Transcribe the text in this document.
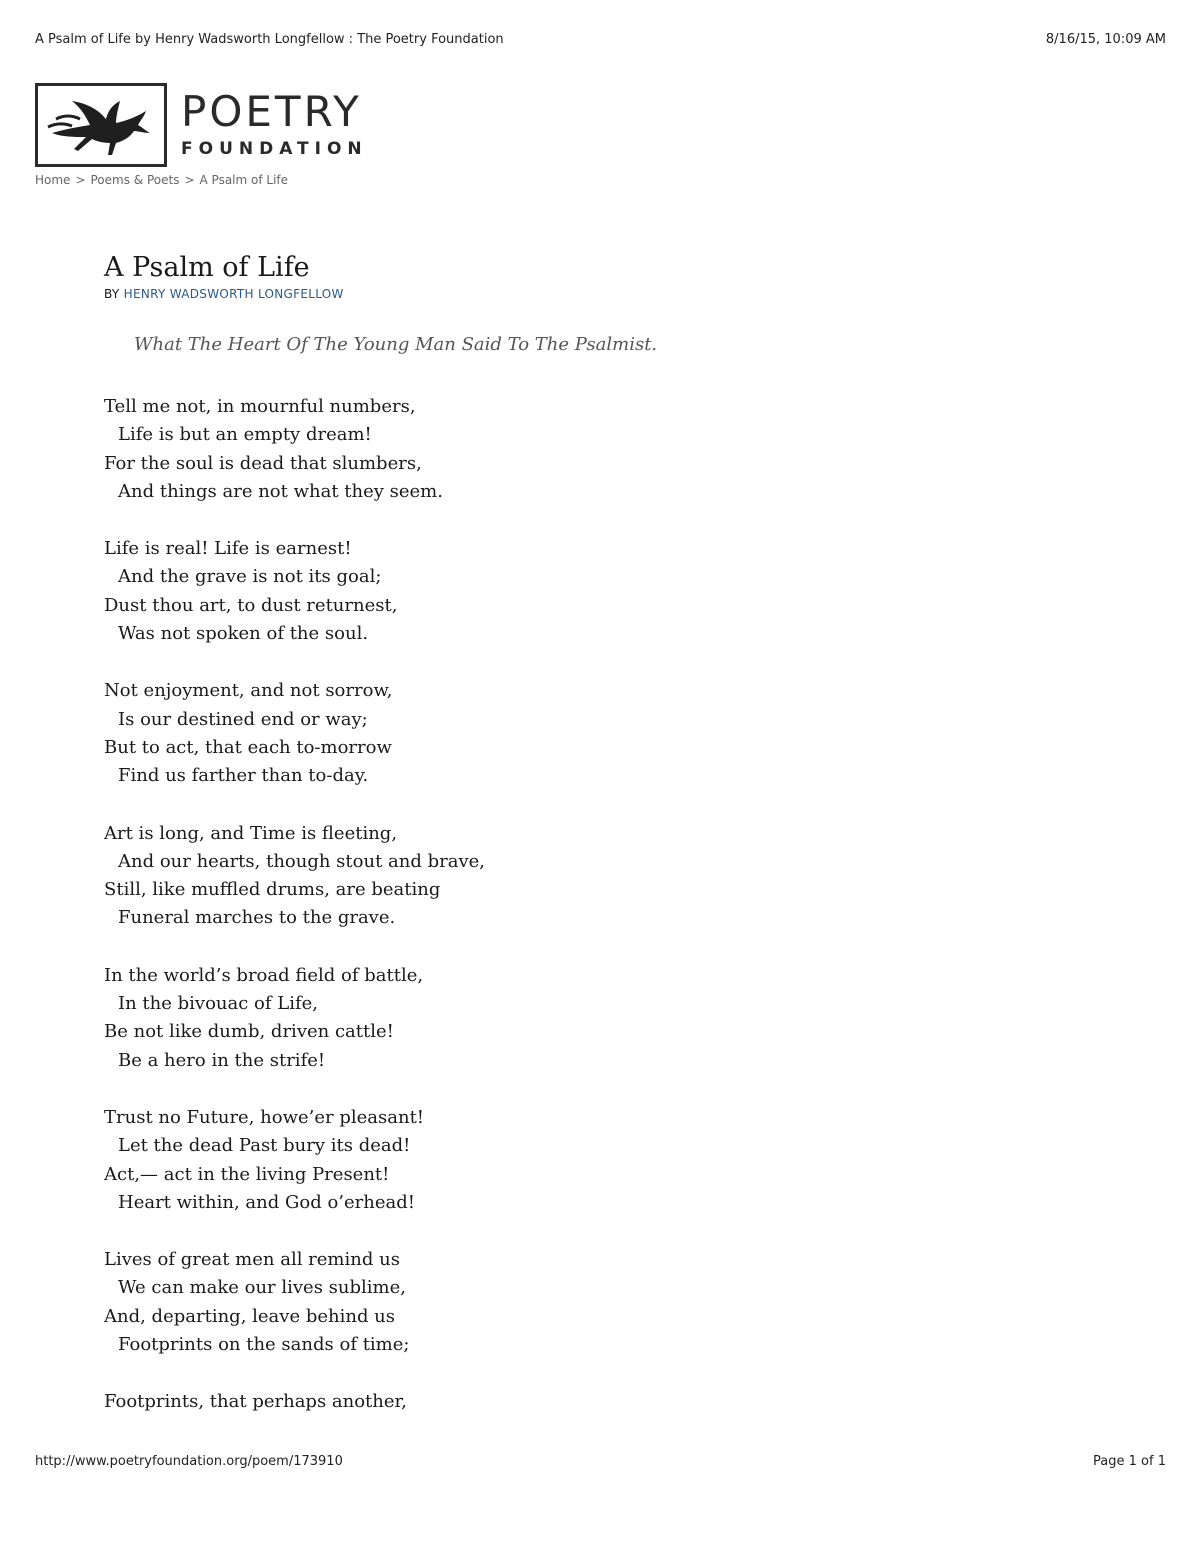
A Psalm of Life by Henry Wadsworth Longfellow : The Poetry Foundation	8/16/15, 10:09 AM
POETRY
FOUNDATION
Home > Poems & Poets > A Psalm of Life
A Psalm of Life
BY HENRY WADSWORTH LONGFELLOW
What The Heart Of The Young Man Said To The Psalmist.
Tell me not, in mournful numbers,
Life is but an empty dream!
For the soul is dead that slumbers,
And things are not what they seem.
Life is real! Life is earnest!
And the grave is not its goal;
Dust thou art, to dust returnest,
Was not spoken of the soul.
Not enjoyment, and not sorrow,
Is our destined end or way;
But to act, that each to-morrow
Find us farther than to-day.
Art is long, and Time is fleeting,
And our hearts, though stout and brave,
Still, like muffled drums, are beating
Funeral marches to the grave.
In the world’s broad field of battle,
In the bivouac of Life,
Be not like dumb, driven cattle!
Be a hero in the strife!
Trust no Future, howe’er pleasant!
Let the dead Past bury its dead!
Act,— act in the living Present!
Heart within, and God o’erhead!
Lives of great men all remind us
We can make our lives sublime,
And, departing, leave behind us
Footprints on the sands of time;
Footprints, that perhaps another,
http://www.poetryfoundation.org/poem/173910	Page 1 of 1
